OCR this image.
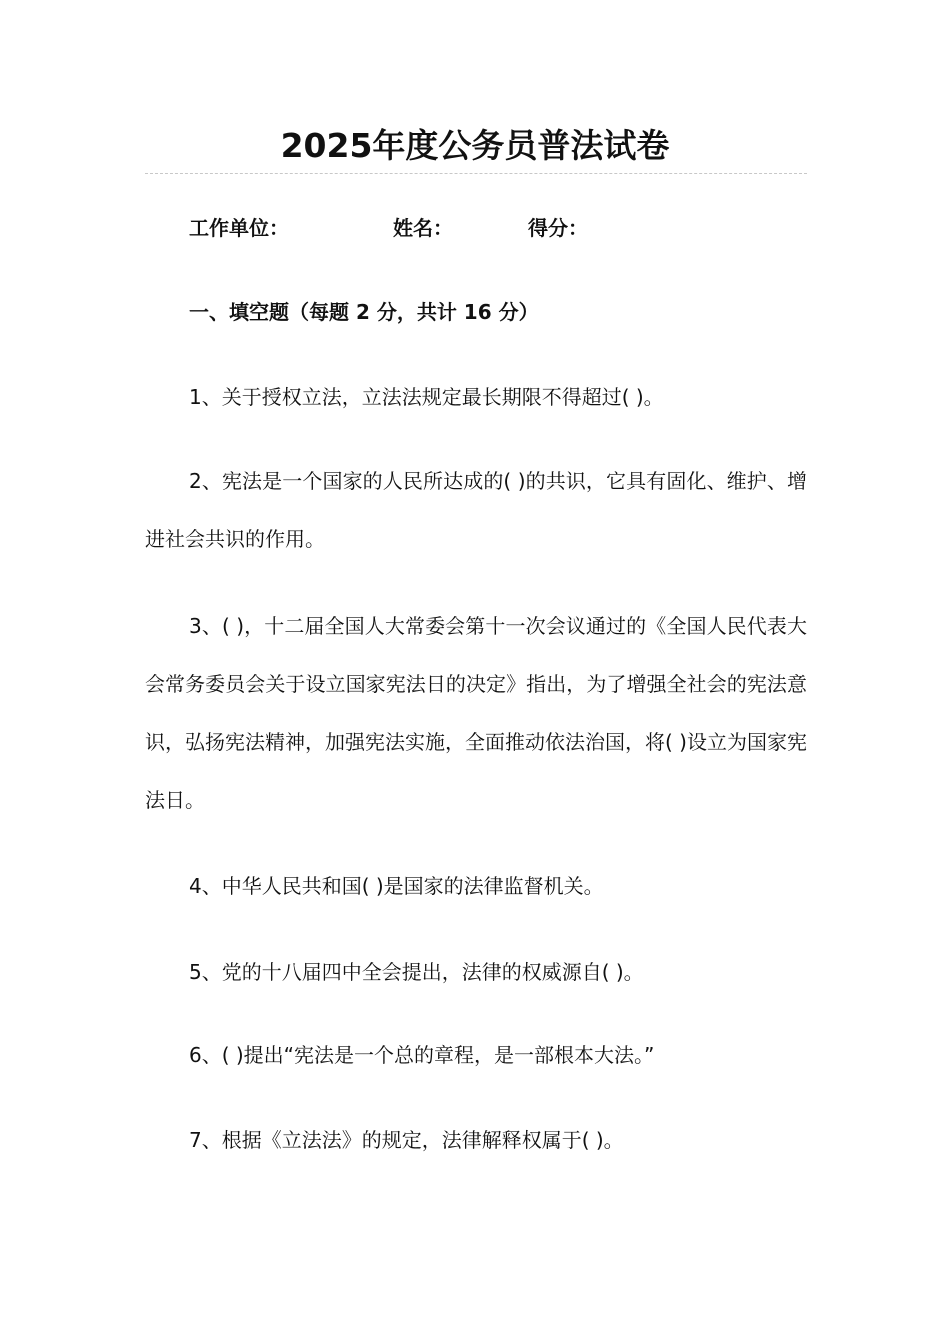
2025年度公务员普法试卷
工作单位：	姓名：	得分：
一、填空题（每题 2 分，共计 16 分）

1、关于授权立法，立法法规定最长期限不得超过( )。

2、宪法是一个国家的人民所达成的( )的共识，它具有固化、维护、增进社会共识的作用。

3、( )，十二届全国人大常委会第十一次会议通过的《全国人民代表大会常务委员会关于设立国家宪法日的决定》指出，为了增强全社会的宪法意识，弘扬宪法精神，加强宪法实施，全面推动依法治国，将( )设立为国家宪法日。

4、中华人民共和国( )是国家的法律监督机关。

5、党的十八届四中全会提出，法律的权威源自( )。

6、( )提出“宪法是一个总的章程，是一部根本大法。”

7、根据《立法法》的规定，法律解释权属于( )。
